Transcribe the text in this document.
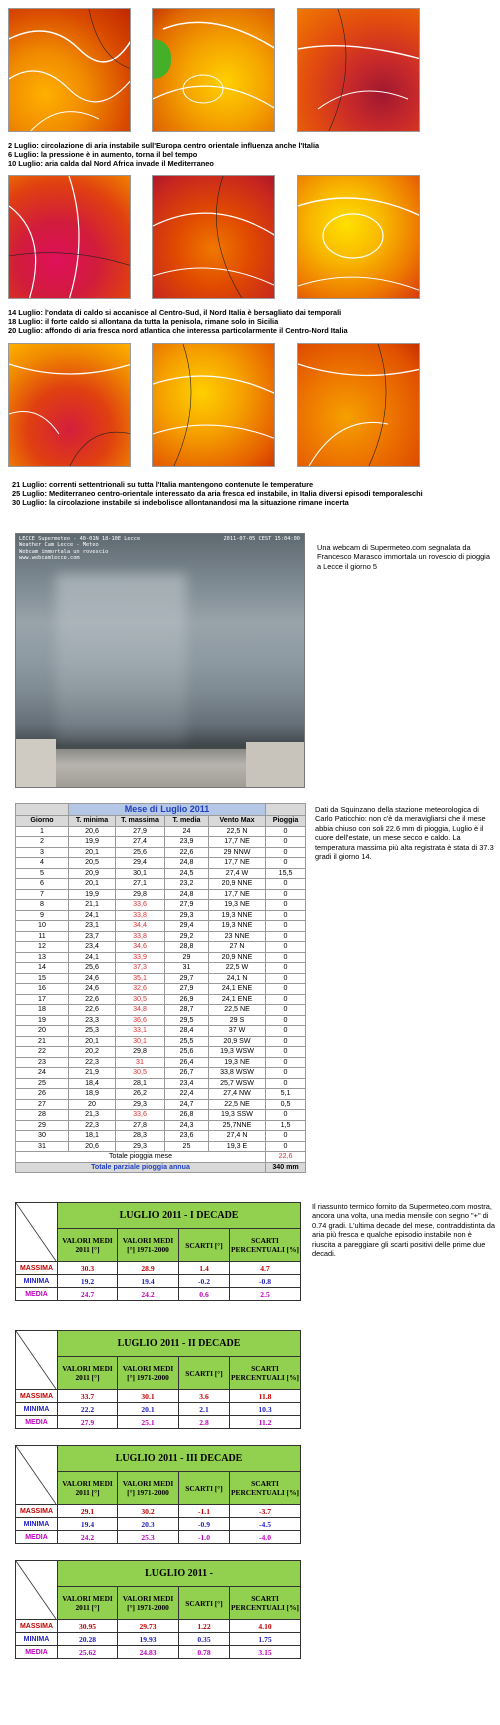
2 Luglio: circolazione di aria instabile sull'Europa centro orientale influenza anche l'Italia
6 Luglio: la pressione è in aumento, torna il bel tempo
10 Luglio: aria calda dal Nord Africa invade il Mediterraneo
14 Luglio: l'ondata di caldo si accanisce al Centro-Sud, il Nord Italia è bersagliato dai temporali
18 Luglio: il forte caldo si allontana da tutta la penisola, rimane solo in Sicilia
20 Luglio: affondo di aria fresca nord atlantica che interessa particolarmente il Centro-Nord Italia
21 Luglio: correnti settentrionali su tutta l'Italia mantengono contenute le temperature
25 Luglio: Mediterraneo centro-orientale interessato da aria fresca ed instabile, in Italia diversi episodi temporaleschi
30 Luglio: la circolazione instabile si indebolisce allontanandosi ma la situazione rimane incerta
LECCE Supermeteo - 40-01N 18-10E Lecce
Weather Cam Lecce - Meteo
Webcam immortala un rovescio
www.webcamlecce.com
2011-07-05 CEST 15:04:00
Una webcam di Supermeteo.com segnalata da Francesco Marasco immortala un rovescio di pioggia a Lecce il giorno 5
	Mese di Luglio 2011				
Giorno	T. minima	T. massima	T. media	Vento Max	Pioggia
1	20,6	27,9	24	22,5 N	0
2	19,9	27,4	23,9	17,7 NE	0
3	20,1	25,6	22,6	29 NNW	0
4	20,5	29,4	24,8	17,7 NE	0
5	20,9	30,1	24,5	27,4 W	15,5
6	20,1	27,1	23,2	20,9 NNE	0
7	19,9	29,8	24,8	17,7 NE	0
8	21,1	33,6	27,9	19,3 NE	0
9	24,1	33,8	29,3	19,3 NNE	0
10	23,1	34,4	29,4	19,3 NNE	0
11	23,7	33,8	29,2	23 NNE	0
12	23,4	34,6	28,8	27 N	0
13	24,1	33,9	29	20,9 NNE	0
14	25,6	37,3	31	22,5 W	0
15	24,6	35,1	29,7	24,1 N	0
16	24,6	32,6	27,9	24,1 ENE	0
17	22,6	30,5	26,9	24,1 ENE	0
18	22,6	34,8	28,7	22,5 NE	0
19	23,3	36,6	29,5	29 S	0
20	25,3	33,1	28,4	37 W	0
21	20,1	30,1	25,5	20,9 SW	0
22	20,2	29,8	25,6	19,3 WSW	0
23	22,3	31	26,4	19,3 NE	0
24	21,9	30,5	26,7	33,8 WSW	0
25	18,4	28,1	23,4	25,7 WSW	0
26	18,9	26,2	22,4	27,4 NW	5,1
27	20	29,3	24,7	22,5 NE	0,5
28	21,3	33,6	26,8	19,3 SSW	0
29	22,3	27,8	24,3	25,7NNE	1,5
30	18,1	28,3	23,6	27,4 N	0
31	20,6	29,3	25	19,3 E	0
Totale pioggia mese					22,6
Totale parziale pioggia annua					340 mm
Dati da Squinzano della stazione meteorologica di Carlo Paticchio: non c'è da meravigliarsi che il mese abbia chiuso con soli 22.6 mm di pioggia, Luglio è il cuore dell'estate, un mese secco e caldo. La temperatura massima più alta registrata è stata di 37.3 gradi il giorno 14.
	LUGLIO 2011 - I DECADE			
	VALORI MEDI 2011 [°]	VALORI MEDI [°] 1971-2000	SCARTI [°]	SCARTI PERCENTUALI [%]
MASSIMA	30.3	28.9	1.4	4.7
MINIMA	19.2	19.4	-0.2	-0.8
MEDIA	24.7	24.2	0.6	2.5
	LUGLIO 2011 - II DECADE			
	VALORI MEDI 2011 [°]	VALORI MEDI [°] 1971-2000	SCARTI [°]	SCARTI PERCENTUALI [%]
MASSIMA	33.7	30.1	3.6	11.8
MINIMA	22.2	20.1	2.1	10.3
MEDIA	27.9	25.1	2.8	11.2
	LUGLIO 2011 - III DECADE			
	VALORI MEDI 2011 [°]	VALORI MEDI [°] 1971-2000	SCARTI [°]	SCARTI PERCENTUALI [%]
MASSIMA	29.1	30.2	-1.1	-3.7
MINIMA	19.4	20.3	-0.9	-4.5
MEDIA	24.2	25.3	-1.0	-4.0
	LUGLIO 2011 -			
	VALORI MEDI 2011 [°]	VALORI MEDI [°] 1971-2000	SCARTI [°]	SCARTI PERCENTUALI [%]
MASSIMA	30.95	29.73	1.22	4.10
MINIMA	20.28	19.93	0.35	1.75
MEDIA	25.62	24.83	0.78	3.15
Il riassunto termico fornito da Supermeteo.com mostra, ancora una volta, una media mensile con segno "+" di 0.74 gradi. L'ultima decade del mese, contraddistinta da aria più fresca e qualche episodio instabile non è riuscita a pareggiare gli scarti positivi delle prime due decadi.
